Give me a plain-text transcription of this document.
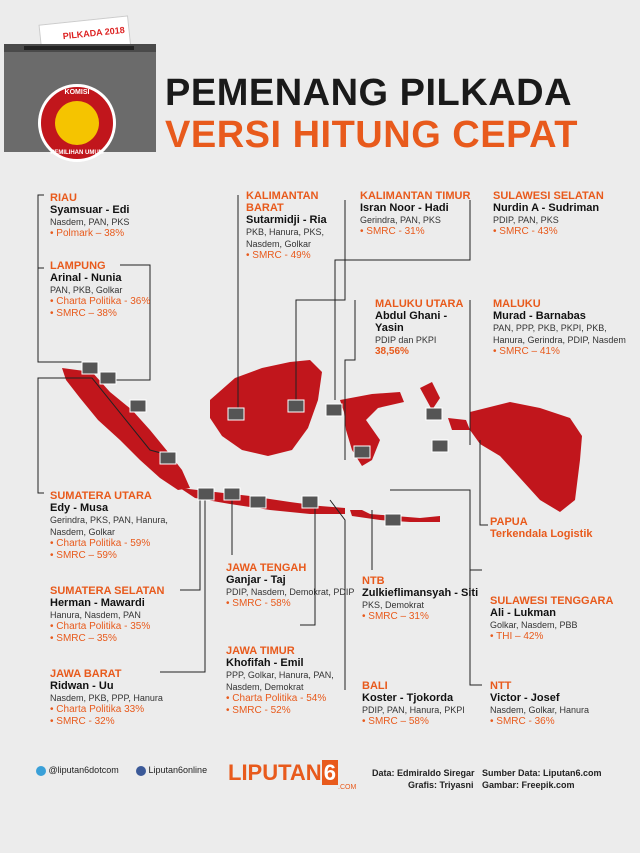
PILKADA 2018
KOMISI
PEMILIHAN UMUM
PEMENANG PILKADA
VERSI HITUNG CEPAT
RIAU
Syamsuar - Edi
Nasdem, PAN, PKS
• Polmark – 38%
LAMPUNG
Arinal - Nunia
PAN, PKB, Golkar
• Charta Politika - 36%
• SMRC – 38%
KALIMANTAN BARAT
Sutarmidji - Ria
PKB, Hanura, PKS, Nasdem, Golkar
• SMRC - 49%
KALIMANTAN TIMUR
Isran Noor - Hadi
Gerindra, PAN, PKS
• SMRC - 31%
SULAWESI SELATAN
Nurdin A - Sudriman
PDIP, PAN, PKS
• SMRC - 43%
MALUKU UTARA
Abdul Ghani - Yasin
PDIP dan PKPI
38,56%
MALUKU
Murad - Barnabas
PAN, PPP, PKB, PKPI, PKB, Hanura, Gerindra, PDIP, Nasdem
• SMRC – 41%
PAPUA
Terkendala Logistik
SUMATERA UTARA
Edy - Musa
Gerindra, PKS, PAN, Hanura, Nasdem, Golkar
• Charta Politika - 59%
• SMRC – 59%
SUMATERA SELATAN
Herman - Mawardi
Hanura, Nasdem, PAN
• Charta Politika - 35%
• SMRC – 35%
JAWA BARAT
Ridwan - Uu
Nasdem, PKB, PPP, Hanura
• Charta Politika 33%
• SMRC - 32%
JAWA TENGAH
Ganjar - Taj
PDIP, Nasdem, Demokrat, PDIP
• SMRC - 58%
JAWA TIMUR
Khofifah - Emil
PPP, Golkar, Hanura, PAN, Nasdem, Demokrat
• Charta Politika - 54%
• SMRC - 52%
NTB
Zulkieflimansyah - Siti
PKS, Demokrat
• SMRC – 31%
BALI
Koster - Tjokorda
PDIP, PAN, Hanura, PKPI
• SMRC – 58%
SULAWESI TENGGARA
Ali - Lukman
Golkar, Nasdem, PBB
• THI – 42%
NTT
Victor - Josef
Nasdem, Golkar, Hanura
• SMRC - 36%
@liputan6dotcom	Liputan6online LIPUTAN6
.COM
Data: Edmiraldo Siregar
Grafis: Triyasni
Sumber Data: Liputan6.com
Gambar: Freepik.com
